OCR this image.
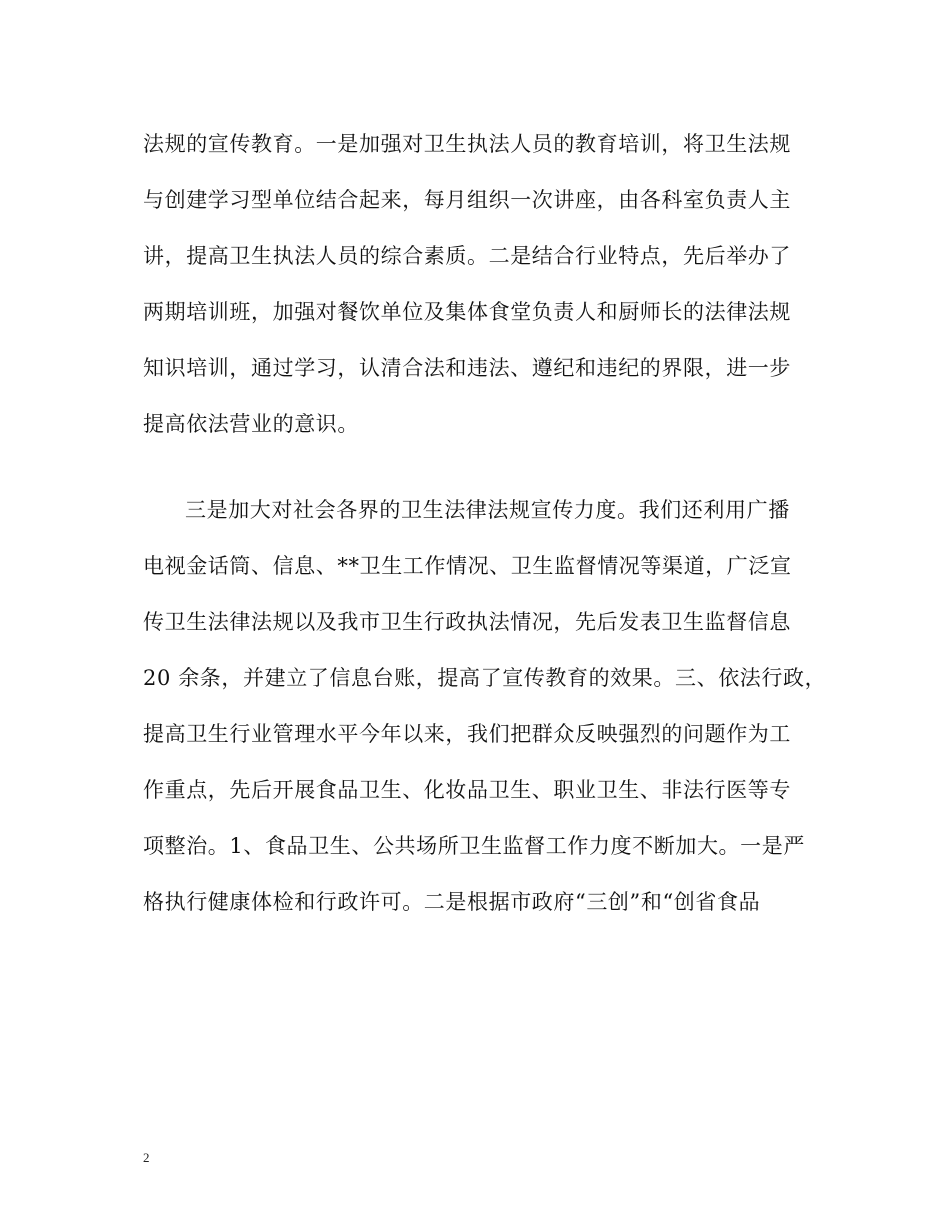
法规的宣传教育。一是加强对卫生执法人员的教育培训，将卫生法规
与创建学习型单位结合起来，每月组织一次讲座，由各科室负责人主
讲，提高卫生执法人员的综合素质。二是结合行业特点，先后举办了
两期培训班，加强对餐饮单位及集体食堂负责人和厨师长的法律法规
知识培训，通过学习，认清合法和违法、遵纪和违纪的界限，进一步
提高依法营业的意识。
三是加大对社会各界的卫生法律法规宣传力度。我们还利用广播
电视金话筒、信息、**卫生工作情况、卫生监督情况等渠道，广泛宣
传卫生法律法规以及我市卫生行政执法情况，先后发表卫生监督信息
20 余条，并建立了信息台账，提高了宣传教育的效果。三、依法行政，
提高卫生行业管理水平今年以来，我们把群众反映强烈的问题作为工
作重点，先后开展食品卫生、化妆品卫生、职业卫生、非法行医等专
项整治。1、食品卫生、公共场所卫生监督工作力度不断加大。一是严
格执行健康体检和行政许可。二是根据市政府“三创”和“创省食品
2
